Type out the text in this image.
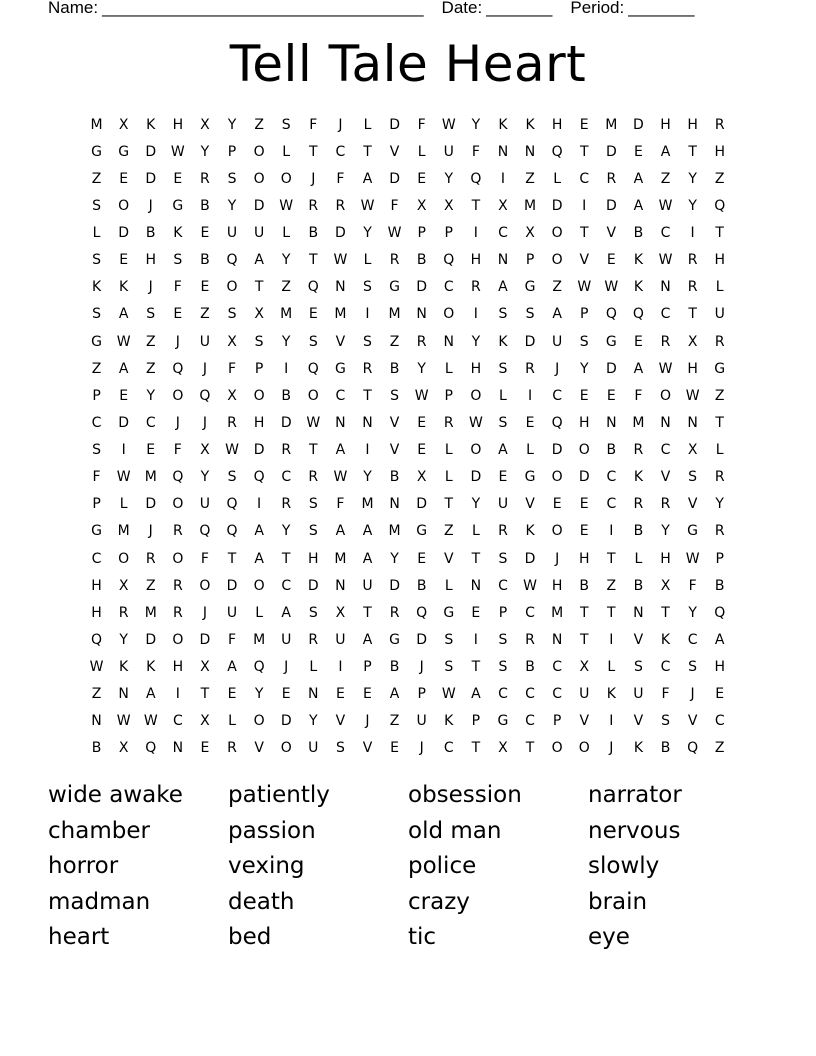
Name: __________________________________ Date: _______ Period: _______
Tell Tale Heart
M	X	K	H	X	Y	Z	S	F	J	L	D	F	W	Y	K	K	H	E	M	D	H	H	R
G	G	D	W	Y	P	O	L	T	C	T	V	L	U	F	N	N	Q	T	D	E	A	T	H
Z	E	D	E	R	S	O	O	J	F	A	D	E	Y	Q	I	Z	L	C	R	A	Z	Y	Z
S	O	J	G	B	Y	D	W	R	R	W	F	X	X	T	X	M	D	I	D	A	W	Y	Q
L	D	B	K	E	U	U	L	B	D	Y	W	P	P	I	C	X	O	T	V	B	C	I	T
S	E	H	S	B	Q	A	Y	T	W	L	R	B	Q	H	N	P	O	V	E	K	W	R	H
K	K	J	F	E	O	T	Z	Q	N	S	G	D	C	R	A	G	Z	W W	K	N	R	L
S	A	S	E	Z	S	X	M	E	M	I	M	N	O	I	S	S	A	P	Q	Q	C	T	U
G	W	Z	J	U	X	S	Y	S	V	S	Z	R	N	Y	K	D	U	S	G	E	R	X	R
Z	A	Z	Q	J	F	P	I	Q	G	R	B	Y	L	H	S	R	J	Y	D	A	W	H	G
P	E	Y	O	Q	X	O	B	O	C	T	S	W	P	O	L	I	C	E	E	F	O	W	Z
C	D	C	J	J	R	H	D	W	N	N	V	E	R	W	S	E	Q	H	N	M	N	N	T
S	I	E	F	X	W	D	R	T	A	I	V	E	L	O	A	L	D	O	B	R	C	X	L
F	W	M	Q	Y	S	Q	C	R	W	Y	B	X	L	D	E	G	O	D	C	K	V	S	R
P	L	D	O	U	Q	I	R	S	F	M	N	D	T	Y	U	V	E	E	C	R	R	V	Y
G	M	J	R	Q	Q	A	Y	S	A	A	M	G	Z	L	R	K	O	E	I	B	Y	G	R
C	O	R	O	F	T	A	T	H	M	A	Y	E	V	T	S	D	J	H	T	L	H	W	P
H	X	Z	R	O	D	O	C	D	N	U	D	B	L	N	C	W	H	B	Z	B	X	F	B
H	R	M	R	J	U	L	A	S	X	T	R	Q	G	E	P	C	M	T	T	N	T	Y	Q
Q	Y	D	O	D	F	M	U	R	U	A	G	D	S	I	S	R	N	T	I	V	K	C	A
W	K	K	H	X	A	Q	J	L	I	P	B	J	S	T	S	B	C	X	L	S	C	S	H
Z	N	A	I	T	E	Y	E	N	E	E	A	P	W	A	C	C	C	U	K	U	F	J	E
N	W W	C	X	L	O	D	Y	V	J	Z	U	K	P	G	C	P	V	I	V	S	V	C
B	X	Q	N	E	R	V	O	U	S	V	E	J	C	T	X	T	O	O	J	K	B	Q	Z
wide awake	patiently	obsession	narrator
chamber	passion	old man	nervous
horror	vexing	police	slowly
madman	death	crazy	brain
heart	bed	tic	eye
